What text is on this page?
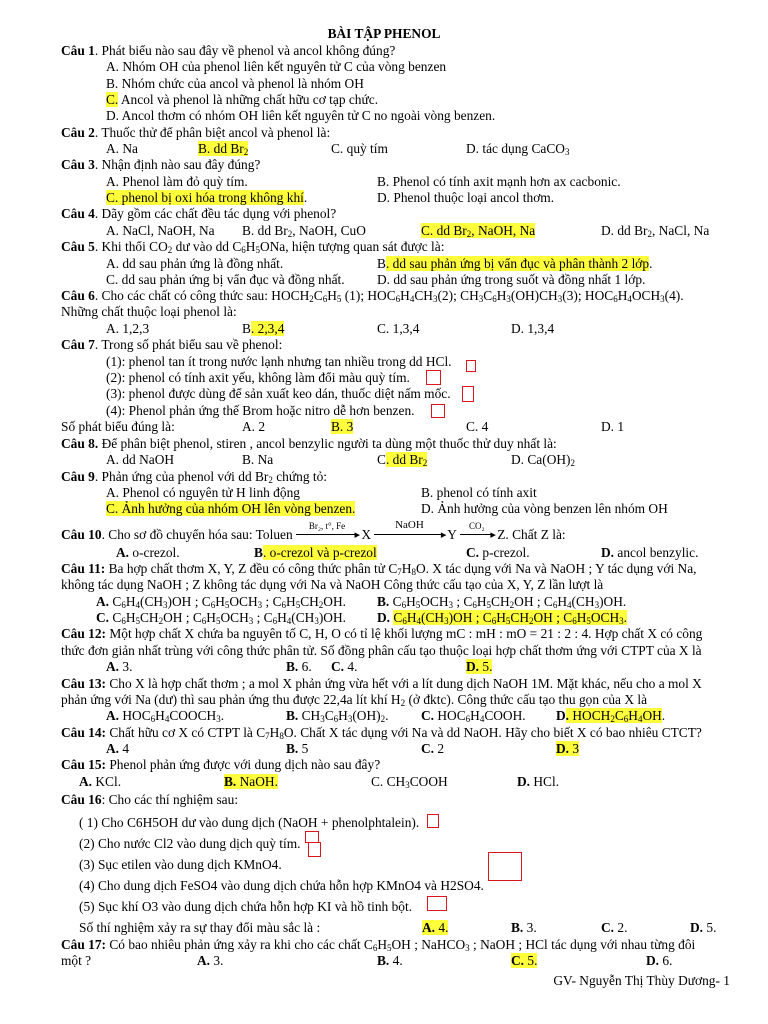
BÀI TẬP PHENOL
Câu 1. Phát biểu nào sau đây về phenol và ancol không đúng?
A. Nhóm OH của phenol liên kết nguyên tử C của vòng benzen
B. Nhóm chức của ancol và phenol là nhóm OH
C. Ancol và phenol là những chất hữu cơ tạp chức.
D. Ancol thơm có nhóm OH liên kết nguyên tử C no ngoài vòng benzen.
Câu 2. Thuốc thử để phân biệt ancol và phenol là:
A. Na	B. dd $Br_2$	C. quỳ tím	D. tác dụng CaCO$_3$
Câu 3. Nhận định nào sau đây đúng?
A. Phenol làm đỏ quỳ tím.	B. Phenol có tính axit mạnh hơn ax cacbonic.
C. phenol bị oxi hóa trong không khí.	D. Phenol thuộc loại ancol thơm.
Câu 4. Dãy gồm các chất đều tác dụng với phenol?
A. NaCl, NaOH, Na B. dd $Br_2$, NaOH, CuO	C. dd $Br_2$, NaOH, Na	D. dd $Br_2$, NaCl, Na
Câu 5. Khi thổi $CO_2$ dư vào dd $C_6H_5ONa$, hiện tượng quan sát được là:
A. dd sau phản ứng là đồng nhất.	B. dd sau phản ứng bị vẩn đục và phân thành 2 lớp.
C. dd sau phản ứng bị vẩn đục và đồng nhất. D. dd sau phản ứng trong suốt và đồng nhất 1 lớp.
Câu 6. Cho các chất có công thức sau: $HOCH_2C_6H_5$ (1); $HOC_6H_4CH_3(2)$; $CH_3C_6H_3(OH)CH_3(3)$; $HOC_6H_4OCH_3(4)$.
Những chất thuộc loại phenol là:
A. 1,2,3	B. 2,3,4	C. 1,3,4	D. 1,3,4
Câu 7. Trong số phát biểu sau về phenol:
(1): phenol tan ít trong nước lạnh nhưng tan nhiều trong dd HCl.
(2): phenol có tính axit yếu, không làm đổi màu quỳ tím.
(3): phenol được dùng để sản xuất keo dán, thuốc diệt nấm mốc.
(4): Phenol phản ứng thế Brom hoặc nitro dễ hơn benzen.
Số phát biểu đúng là:	A. 2	B. 3	C. 4	D. 1
Câu 8. Để phân biệt phenol, stiren , ancol benzylic người ta dùng một thuốc thử duy nhất là:
A. dd NaOH	B. Na	C. dd $Br_2$	D. $Ca(OH)_2$
Câu 9. Phản ứng của phenol với dd $Br_2$ chứng tỏ:
A. Phenol có nguyên tử H linh động	B. phenol có tính axit
C. Ảnh hưởng của nhóm OH lên vòng benzen.	D. Ảnh hưởng của vòng benzen lên nhóm OH
Câu 10. Cho sơ đồ chuyển hóa sau: Toluen
Br₂, t°, Fe
▸ X
NaOH
▸ Y
CO₂
▸ Z. Chất Z là:
A. o-crezol.	B. o-crezol và p-crezol	C. p-crezol.	D. ancol benzylic.
Câu 11: Ba hợp chất thơm X, Y, Z đều có công thức phân tử $C_7H_8O$. X tác dụng với Na và NaOH ; Y tác dụng với Na,
không tác dụng NaOH ; Z không tác dụng với Na và NaOH Công thức cấu tạo của X, Y, Z lần lượt là
A. $C_6H_4(CH_3)OH$ ; $C_6H_5OCH_3$ ; $C_6H_5CH_2OH$. B. $C_6H_5OCH_3$ ; $C_6H_5CH_2OH$ ; $C_6H_4(CH_3)OH$.
C. $C_6H_5CH_2OH$ ; $C_6H_5OCH_3$ ; $C_6H_4(CH_3)OH$. D. $C_6H_4(CH_3)OH$ ; $C_6H_5CH_2OH$ ; $C_6H_5OCH_3$.
Câu 12: Một hợp chất X chứa ba nguyên tố C, H, O có tỉ lệ khối lượng mC : mH : mO = 21 : 2 : 4. Hợp chất X có công
thức đơn giản nhất trùng với công thức phân tử. Số đồng phân cấu tạo thuộc loại hợp chất thơm ứng với CTPT của X là
A. 3.	B. 6. C. 4.	D. 5.
Câu 13: Cho X là hợp chất thơm ; a mol X phản ứng vừa hết với a lít dung dịch NaOH 1M. Mặt khác, nếu cho a mol X
phản ứng với Na (dư) thì sau phản ứng thu được 22,4a lít khí $H_2$ (ở đktc). Công thức cấu tạo thu gọn của X là
A. $HOC_6H_4COOCH_3$.	B. $CH_3C_6H_3(OH)_2$. C. $HOC_6H_4COOH$. D. $HOCH_2C_6H_4OH$.
Câu 14: Chất hữu cơ X có CTPT là $C_7H_8O$. Chất X tác dụng với Na và dd NaOH. Hãy cho biết X có bao nhiêu CTCT?
A. 4	B. 5	C. 2	D. 3
Câu 15: Phenol phản ứng được với dung dịch nào sau đây?
A. KCl.	B. NaOH.	C. $CH_3COOH$	D. HCl.
Câu 16: Cho các thí nghiệm sau:
( 1) Cho C6H5OH dư vào dung dịch (NaOH + phenolphtalein).
(2) Cho nước Cl2 vào dung dịch quỳ tím.
(3) Sục etilen vào dung dịch KMnO4.
(4) Cho dung dịch FeSO4 vào dung dịch chứa hỗn hợp KMnO4 và H2SO4.
(5) Sục khí O3 vào dung dịch chứa hỗn hợp KI và hồ tinh bột.
Số thí nghiệm xảy ra sự thay đổi màu sắc là :	A. 4.	B. 3.	C. 2.	D. 5.
Câu 17: Có bao nhiêu phản ứng xảy ra khi cho các chất $C_6H_5OH$ ; NaHCO$_3$ ; NaOH ; HCl tác dụng với nhau từng đôi
một ?	A. 3.	B. 4.	C. 5.	D. 6.
GV- Nguyễn Thị Thùy Dương- 1
